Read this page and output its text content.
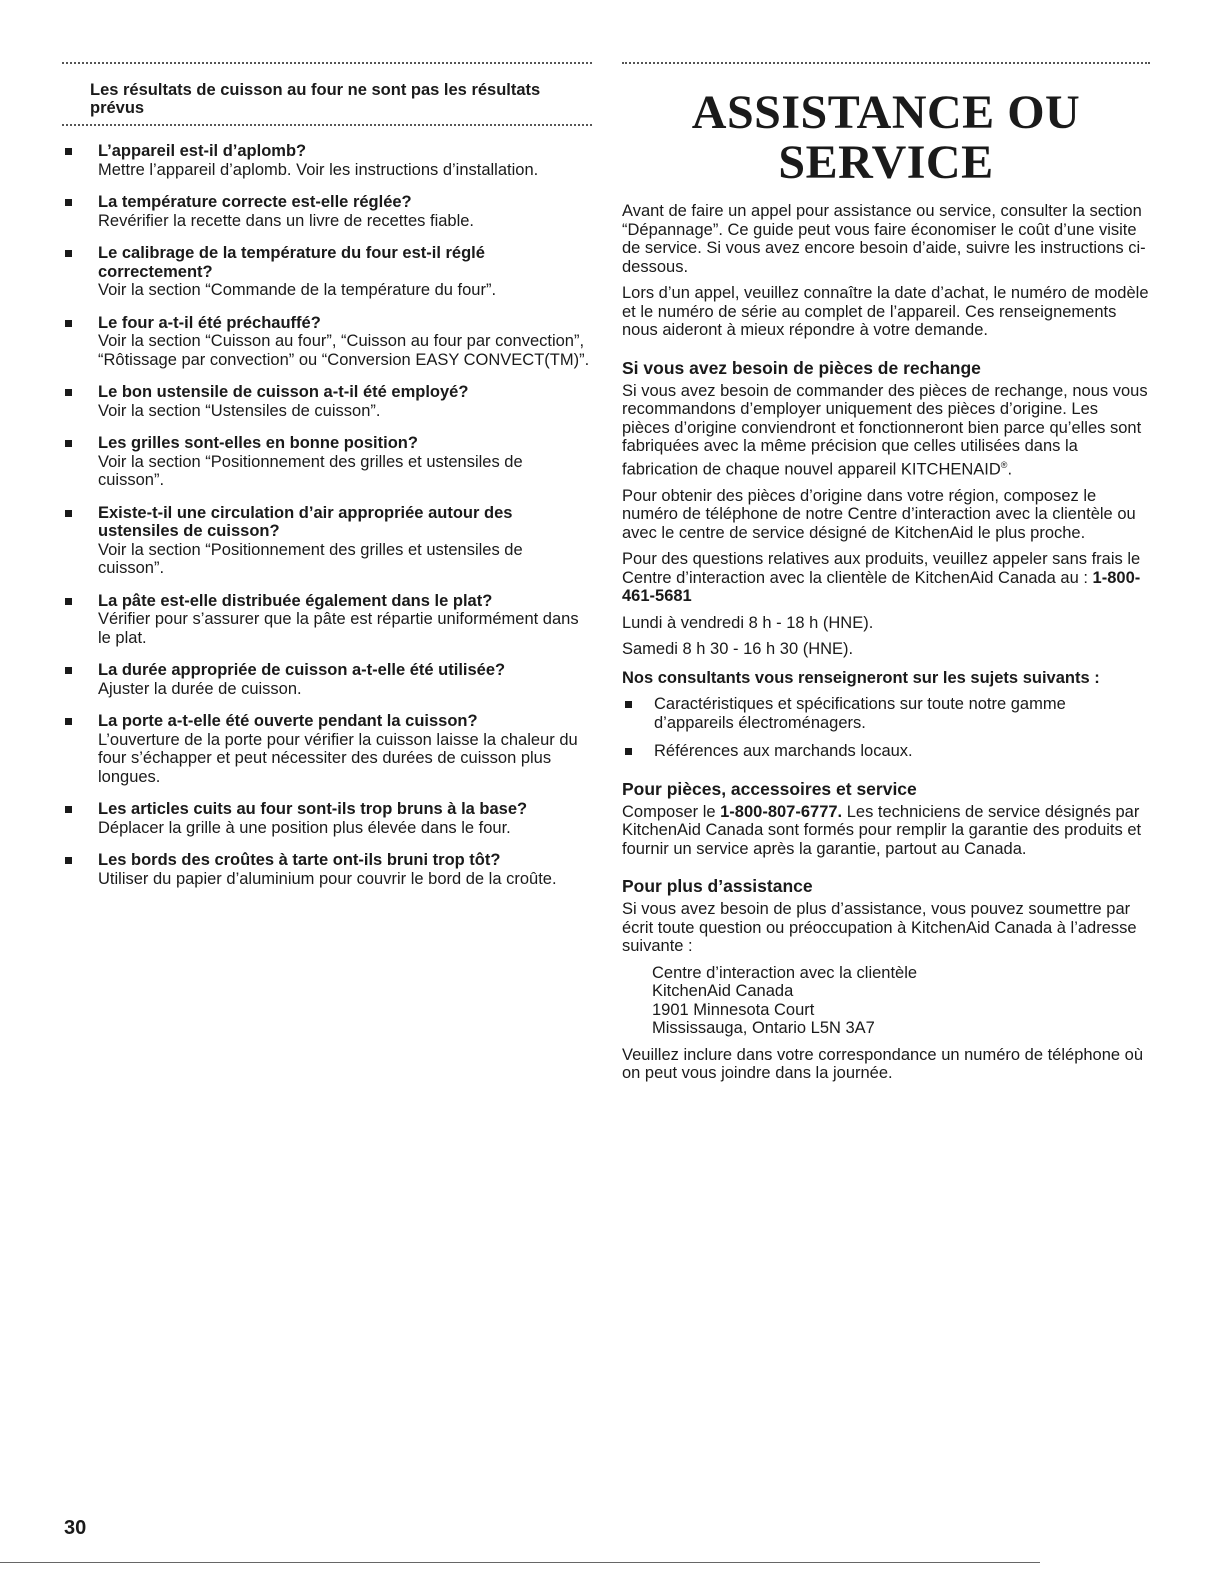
Les résultats de cuisson au four ne sont pas les résultats prévus
L’appareil est-il d’aplomb?
Mettre l’appareil d’aplomb. Voir les instructions d’installation.
La température correcte est-elle réglée?
Revérifier la recette dans un livre de recettes fiable.
Le calibrage de la température du four est-il réglé correctement?
Voir la section “Commande de la température du four”.
Le four a-t-il été préchauffé?
Voir la section “Cuisson au four”, “Cuisson au four par convection”, “Rôtissage par convection” ou “Conversion EASY CONVECT(TM)”.
Le bon ustensile de cuisson a-t-il été employé?
Voir la section “Ustensiles de cuisson”.
Les grilles sont-elles en bonne position?
Voir la section “Positionnement des grilles et ustensiles de cuisson”.
Existe-t-il une circulation d’air appropriée autour des ustensiles de cuisson?
Voir la section “Positionnement des grilles et ustensiles de cuisson”.
La pâte est-elle distribuée également dans le plat?
Vérifier pour s’assurer que la pâte est répartie uniformément dans le plat.
La durée appropriée de cuisson a-t-elle été utilisée?
Ajuster la durée de cuisson.
La porte a-t-elle été ouverte pendant la cuisson?
L’ouverture de la porte pour vérifier la cuisson laisse la chaleur du four s’échapper et peut nécessiter des durées de cuisson plus longues.
Les articles cuits au four sont-ils trop bruns à la base?
Déplacer la grille à une position plus élevée dans le four.
Les bords des croûtes à tarte ont-ils bruni trop tôt?
Utiliser du papier d’aluminium pour couvrir le bord de la croûte.
ASSISTANCE OU
SERVICE

Avant de faire un appel pour assistance ou service, consulter la section “Dépannage”. Ce guide peut vous faire économiser le coût d’une visite de service. Si vous avez encore besoin d’aide, suivre les instructions ci-dessous.

Lors d’un appel, veuillez connaître la date d’achat, le numéro de modèle et le numéro de série au complet de l’appareil. Ces renseignements nous aideront à mieux répondre à votre demande.

Si vous avez besoin de pièces de rechange

Si vous avez besoin de commander des pièces de rechange, nous vous recommandons d’employer uniquement des pièces d’origine. Les pièces d’origine conviendront et fonctionneront bien parce qu’elles sont fabriquées avec la même précision que celles utilisées dans la fabrication de chaque nouvel appareil KITCHENAID®.

Pour obtenir des pièces d’origine dans votre région, composez le numéro de téléphone de notre Centre d’interaction avec la clientèle ou avec le centre de service désigné de KitchenAid le plus proche.

Pour des questions relatives aux produits, veuillez appeler sans frais le Centre d’interaction avec la clientèle de KitchenAid Canada au : 1-800-461-5681

Lundi à vendredi 8 h - 18 h (HNE).

Samedi 8 h 30 - 16 h 30 (HNE).

Nos consultants vous renseigneront sur les sujets suivants :

Caractéristiques et spécifications sur toute notre gamme d’appareils électroménagers.
Références aux marchands locaux.
Pour pièces, accessoires et service

Composer le 1-800-807-6777. Les techniciens de service désignés par KitchenAid Canada sont formés pour remplir la garantie des produits et fournir un service après la garantie, partout au Canada.

Pour plus d’assistance

Si vous avez besoin de plus d’assistance, vous pouvez soumettre par écrit toute question ou préoccupation à KitchenAid Canada à l’adresse suivante :

Centre d’interaction avec la clientèle
KitchenAid Canada
1901 Minnesota Court
Mississauga, Ontario L5N 3A7

Veuillez inclure dans votre correspondance un numéro de téléphone où on peut vous joindre dans la journée.

30
